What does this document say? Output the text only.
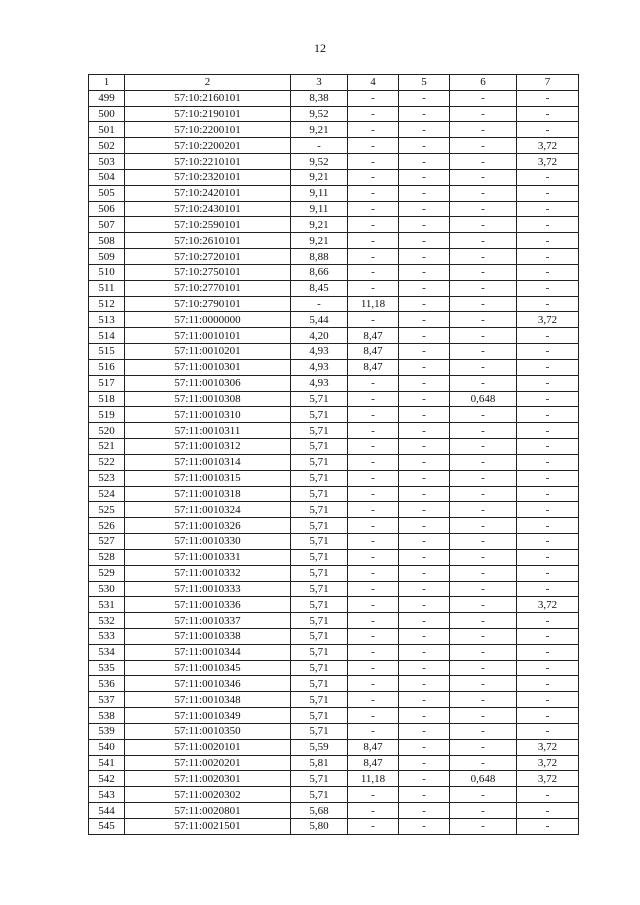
12
1	2	3	4	5	6	7
499	57:10:2160101	8,38	-	-	-	-
500	57:10:2190101	9,52	-	-	-	-
501	57:10:2200101	9,21	-	-	-	-
502	57:10:2200201	-	-	-	-	3,72
503	57:10:2210101	9,52	-	-	-	3,72
504	57:10:2320101	9,21	-	-	-	-
505	57:10:2420101	9,11	-	-	-	-
506	57:10:2430101	9,11	-	-	-	-
507	57:10:2590101	9,21	-	-	-	-
508	57:10:2610101	9,21	-	-	-	-
509	57:10:2720101	8,88	-	-	-	-
510	57:10:2750101	8,66	-	-	-	-
511	57:10:2770101	8,45	-	-	-	-
512	57:10:2790101	-	11,18	-	-	-
513	57:11:0000000	5,44	-	-	-	3,72
514	57:11:0010101	4,20	8,47	-	-	-
515	57:11:0010201	4,93	8,47	-	-	-
516	57:11:0010301	4,93	8,47	-	-	-
517	57:11:0010306	4,93	-	-	-	-
518	57:11:0010308	5,71	-	-	0,648	-
519	57:11:0010310	5,71	-	-	-	-
520	57:11:0010311	5,71	-	-	-	-
521	57:11:0010312	5,71	-	-	-	-
522	57:11:0010314	5,71	-	-	-	-
523	57:11:0010315	5,71	-	-	-	-
524	57:11:0010318	5,71	-	-	-	-
525	57:11:0010324	5,71	-	-	-	-
526	57:11:0010326	5,71	-	-	-	-
527	57:11:0010330	5,71	-	-	-	-
528	57:11:0010331	5,71	-	-	-	-
529	57:11:0010332	5,71	-	-	-	-
530	57:11:0010333	5,71	-	-	-	-
531	57:11:0010336	5,71	-	-	-	3,72
532	57:11:0010337	5,71	-	-	-	-
533	57:11:0010338	5,71	-	-	-	-
534	57:11:0010344	5,71	-	-	-	-
535	57:11:0010345	5,71	-	-	-	-
536	57:11:0010346	5,71	-	-	-	-
537	57:11:0010348	5,71	-	-	-	-
538	57:11:0010349	5,71	-	-	-	-
539	57:11:0010350	5,71	-	-	-	-
540	57:11:0020101	5,59	8,47	-	-	3,72
541	57:11:0020201	5,81	8,47	-	-	3,72
542	57:11:0020301	5,71	11,18	-	0,648	3,72
543	57:11:0020302	5,71	-	-	-	-
544	57:11:0020801	5,68	-	-	-	-
545	57:11:0021501	5,80	-	-	-	-
